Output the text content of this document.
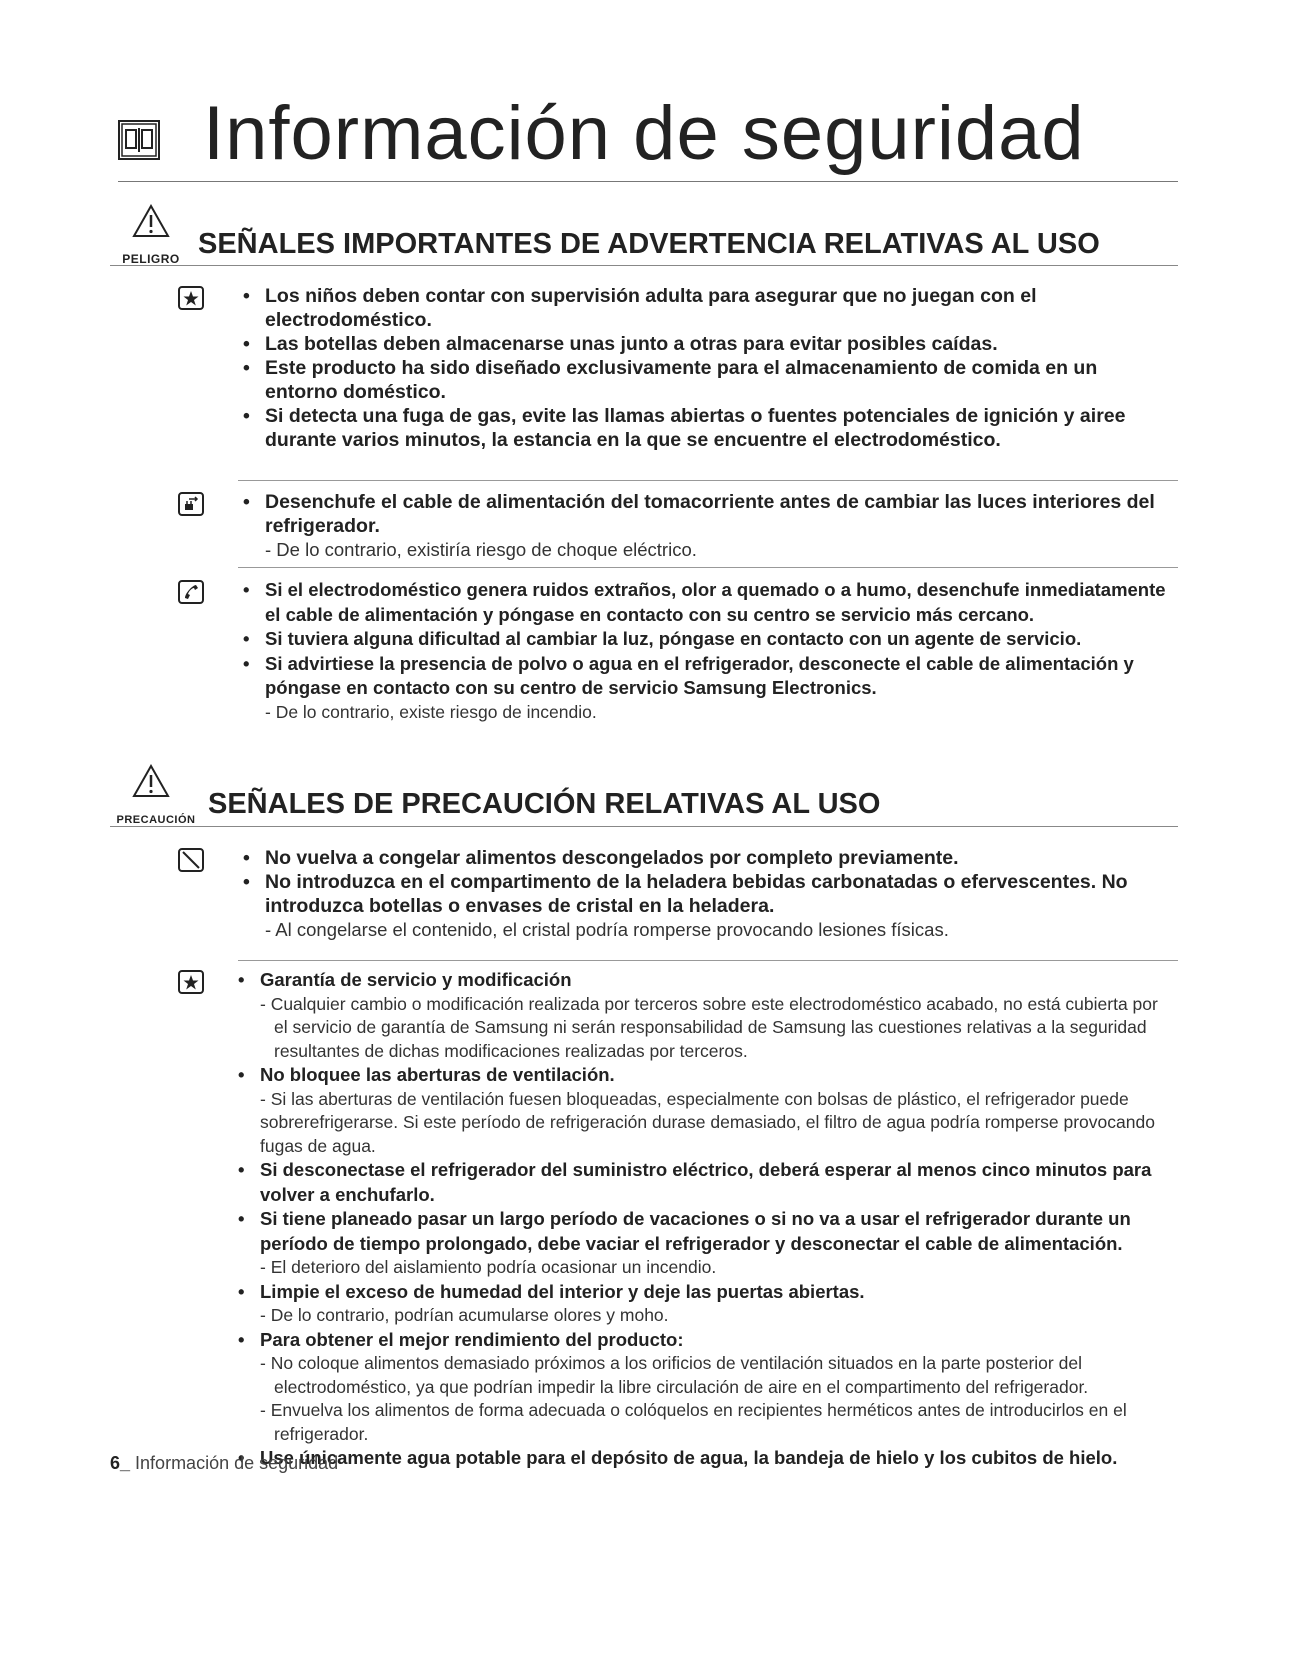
Información de seguridad
PELIGRO SEÑALES IMPORTANTES DE ADVERTENCIA RELATIVAS AL USO
• Los niños deben contar con supervisión adulta para asegurar que no juegan con el electrodoméstico.
• Las botellas deben almacenarse unas junto a otras para evitar posibles caídas.
• Este producto ha sido diseñado exclusivamente para el almacenamiento de comida en un entorno doméstico.
• Si detecta una fuga de gas, evite las llamas abiertas o fuentes potenciales de ignición y airee durante varios minutos, la estancia en la que se encuentre el electrodoméstico.
• Desenchufe el cable de alimentación del tomacorriente antes de cambiar las luces interiores del refrigerador.
- De lo contrario, existiría riesgo de choque eléctrico.
• Si el electrodoméstico genera ruidos extraños, olor a quemado o a humo, desenchufe inmediatamente el cable de alimentación y póngase en contacto con su centro se servicio más cercano.
• Si tuviera alguna dificultad al cambiar la luz, póngase en contacto con un agente de servicio.
• Si advirtiese la presencia de polvo o agua en el refrigerador, desconecte el cable de alimentación y póngase en contacto con su centro de servicio Samsung Electronics.
- De lo contrario, existe riesgo de incendio.
PRECAUCIÓN SEÑALES DE PRECAUCIÓN RELATIVAS AL USO
• No vuelva a congelar alimentos descongelados por completo previamente.
• No introduzca en el compartimento de la heladera bebidas carbonatadas o efervescentes. No introduzca botellas o envases de cristal en la heladera.
- Al congelarse el contenido, el cristal podría romperse provocando lesiones físicas.
• Garantía de servicio y modificación
- Cualquier cambio o modificación realizada por terceros sobre este electrodoméstico acabado, no está cubierta por el servicio de garantía de Samsung ni serán responsabilidad de Samsung las cuestiones relativas a la seguridad resultantes de dichas modificaciones realizadas por terceros.
• No bloquee las aberturas de ventilación.
- Si las aberturas de ventilación fuesen bloqueadas, especialmente con bolsas de plástico, el refrigerador puede sobrerefrigerarse. Si este período de refrigeración durase demasiado, el filtro de agua podría romperse provocando fugas de agua.
• Si desconectase el refrigerador del suministro eléctrico, deberá esperar al menos cinco minutos para volver a enchufarlo.
• Si tiene planeado pasar un largo período de vacaciones o si no va a usar el refrigerador durante un período de tiempo prolongado, debe vaciar el refrigerador y desconectar el cable de alimentación.
- El deterioro del aislamiento podría ocasionar un incendio.
• Limpie el exceso de humedad del interior y deje las puertas abiertas.
- De lo contrario, podrían acumularse olores y moho.
• Para obtener el mejor rendimiento del producto:
- No coloque alimentos demasiado próximos a los orificios de ventilación situados en la parte posterior del electrodoméstico, ya que podrían impedir la libre circulación de aire en el compartimento del refrigerador.
- Envuelva los alimentos de forma adecuada o colóquelos en recipientes herméticos antes de introducirlos en el refrigerador.
• Use únicamente agua potable para el depósito de agua, la bandeja de hielo y los cubitos de hielo.
6_ Información de seguridad
